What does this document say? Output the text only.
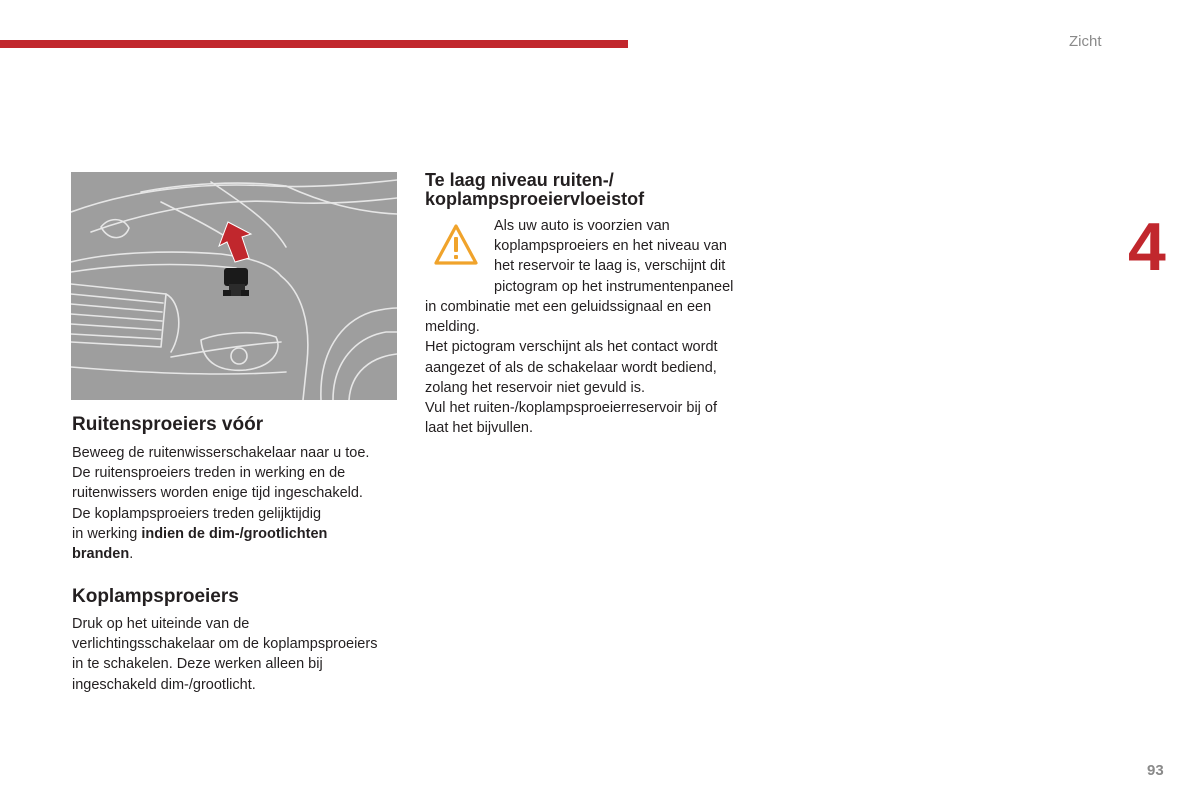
Zicht
4
Ruitensproeiers vóór

Beweeg de ruitenwisserschakelaar naar u toe.
De ruitensproeiers treden in werking en de
ruitenwissers worden enige tijd ingeschakeld.
De koplampsproeiers treden gelijktijdig
in werking indien de dim-/grootlichten
branden.

Koplampsproeiers

Druk op het uiteinde van de
verlichtingsschakelaar om de koplampsproeiers
in te schakelen. Deze werken alleen bij
ingeschakeld dim-/grootlicht.

Te laag niveau ruiten-/
koplampsproeiervloeistof

Als uw auto is voorzien van
koplampsproeiers en het niveau van
het reservoir te laag is, verschijnt dit
pictogram op het instrumentenpaneel

in combinatie met een geluidssignaal en een
melding.
Het pictogram verschijnt als het contact wordt
aangezet of als de schakelaar wordt bediend,
zolang het reservoir niet gevuld is.
Vul het ruiten-/koplampsproeierreservoir bij of
laat het bijvullen.

93
